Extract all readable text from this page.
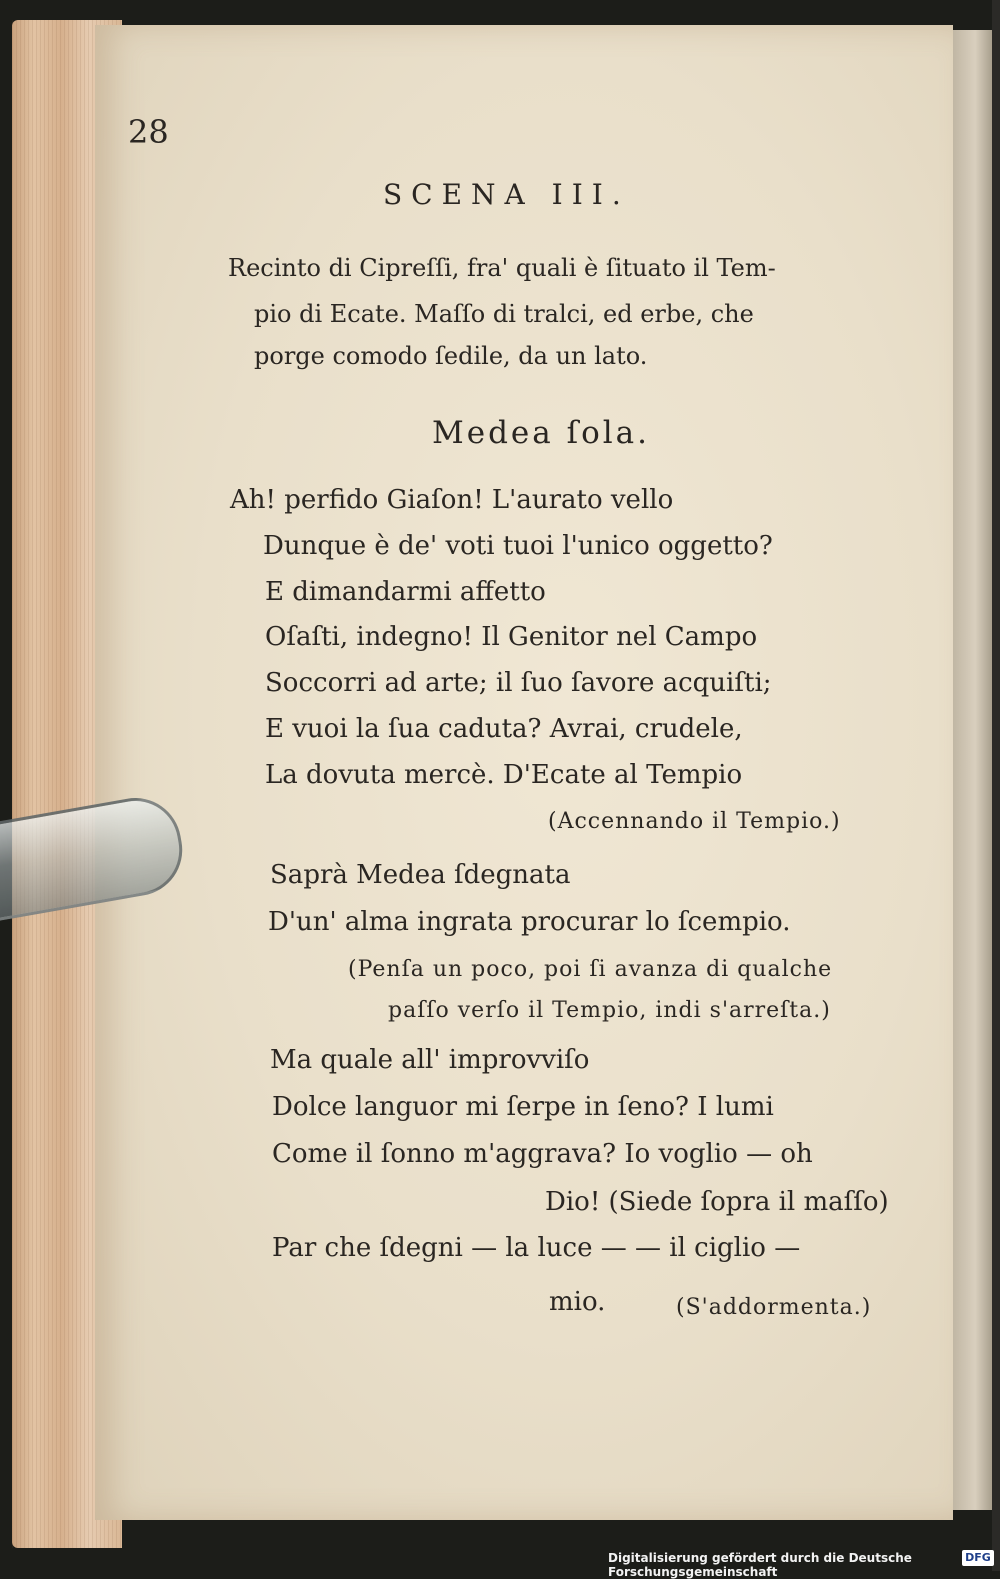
28
SCENA III.
Recinto di Cipreſſi, fra' quali è ſituato il Tem-
pio di Ecate. Maſſo di tralci, ed erbe, che
porge comodo ſedile, da un lato.
Medea ſola.
Ah! perfido Giaſon! L'aurato vello
Dunque è de' voti tuoi l'unico oggetto?
E dimandarmi affetto
Oſaſti, indegno! Il Genitor nel Campo
Soccorri ad arte; il ſuo ſavore acquiſti;
E vuoi la ſua caduta? Avrai, crudele,
La dovuta mercè. D'Ecate al Tempio
(Accennando il Tempio.)
Saprà Medea ſdegnata
D'un' alma ingrata procurar lo ſcempio.
(Penſa un poco, poi ſi avanza di qualche
paſſo verſo il Tempio, indi s'arreſta.)
Ma quale all' improvviſo
Dolce languor mi ſerpe in ſeno? I lumi
Come il ſonno m'aggrava? Io voglio — oh
Dio! (Siede ſopra il maſſo)
Par che ſdegni — la luce — — il ciglio —
mio.	(S'addormenta.)
Digitalisierung gefördert durch die Deutsche Forschungsgemeinschaft
DFG
